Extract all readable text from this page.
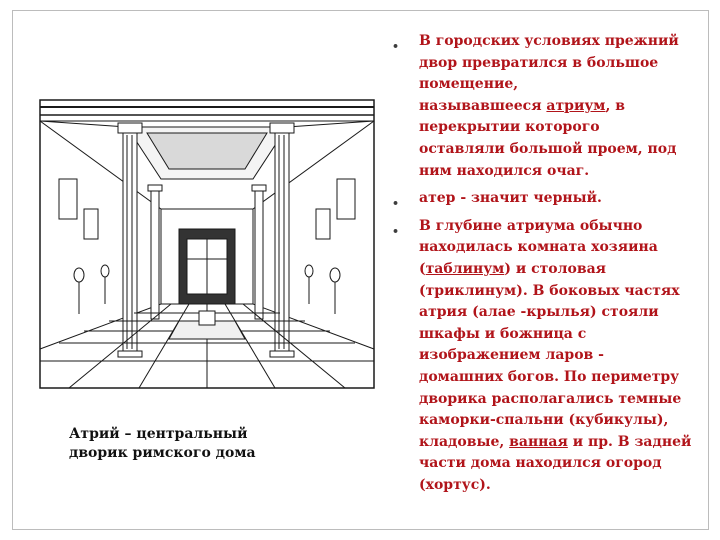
Атрий – центральный
дворик римского дома
• В городских условиях прежний
двор превратился в большое
помещение,
называвшееся атриум, в
перекрытии которого
оставляли большой проем, под
ним находился очаг.
• атер - значит черный.
• В глубине атриума обычно
находилась комната хозяина
(таблинум) и столовая
(триклинум). В боковых частях
атрия (алае -крылья) стояли
шкафы и божница с
изображением ларов -
домашних богов. По периметру
дворика располагались темные
каморки-спальни (кубикулы),
кладовые, ванная и пр. В задней
части дома находился огород
(хортус).
